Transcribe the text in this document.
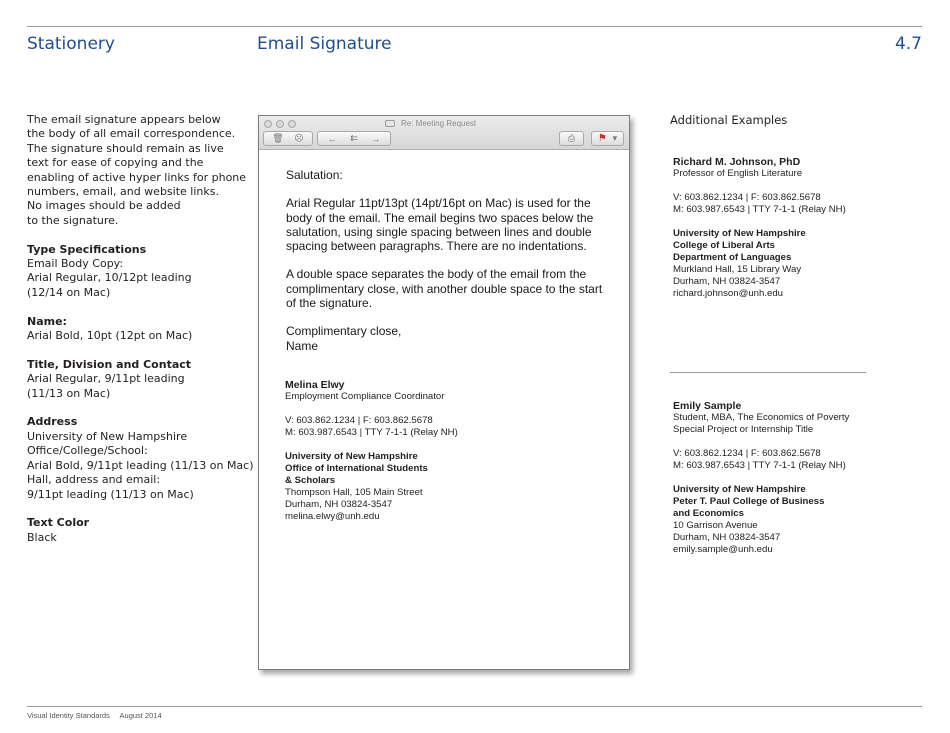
Stationery	Email Signature	4.7

The email signature appears below
the body of all email correspondence.
The signature should remain as live
text for ease of copying and the
enabling of active hyper links for phone
numbers, email, and website links.
No images should be added
to the signature.

Type Specifications
Email Body Copy:
Arial Regular, 10/12pt leading
(12/14 on Mac)

Name:
Arial Bold, 10pt (12pt on Mac)

Title, Division and Contact
Arial Regular, 9/11pt leading
(11/13 on Mac)

Address
University of New Hampshire
Office/College/School:
Arial Bold, 9/11pt leading (11/13 on Mac)
Hall, address and email:
9/11pt leading (11/13 on Mac)

Text Color
Black

Re: Meeting Request
🗑︎ ☹	← ⇇ →	⎙ ⚑ ▾
Salutation:
Arial Regular 11pt/13pt (14pt/16pt on Mac) is used for the
body of the email. The email begins two spaces below the
salutation, using single spacing between lines and double
spacing between paragraphs. There are no indentations.
A double space separates the body of the email from the
complimentary close, with another double space to the start
of the signature.
Complimentary close,
Name
Melina Elwy
Employment Compliance Coordinator
V: 603.862.1234 | F: 603.862.5678
M: 603.987.6543 | TTY 7-1-1 (Relay NH)
University of New Hampshire
Office of International Students
& Scholars
Thompson Hall, 105 Main Street
Durham, NH 03824-3547
melina.elwy@unh.edu
Additional Examples
Richard M. Johnson, PhD
Professor of English Literature
V: 603.862.1234 | F: 603.862.5678
M: 603.987.6543 | TTY 7-1-1 (Relay NH)
University of New Hampshire
College of Liberal Arts
Department of Languages
Murkland Hall, 15 Library Way
Durham, NH 03824-3547
richard.johnson@unh.edu
Emily Sample
Student, MBA, The Economics of Poverty
Special Project or Internship Title
V: 603.862.1234 | F: 603.862.5678
M: 603.987.6543 | TTY 7-1-1 (Relay NH)
University of New Hampshire
Peter T. Paul College of Business
and Economics
10 Garrison Avenue
Durham, NH 03824-3547
emily.sample@unh.edu
Visual Identity Standards August 2014
